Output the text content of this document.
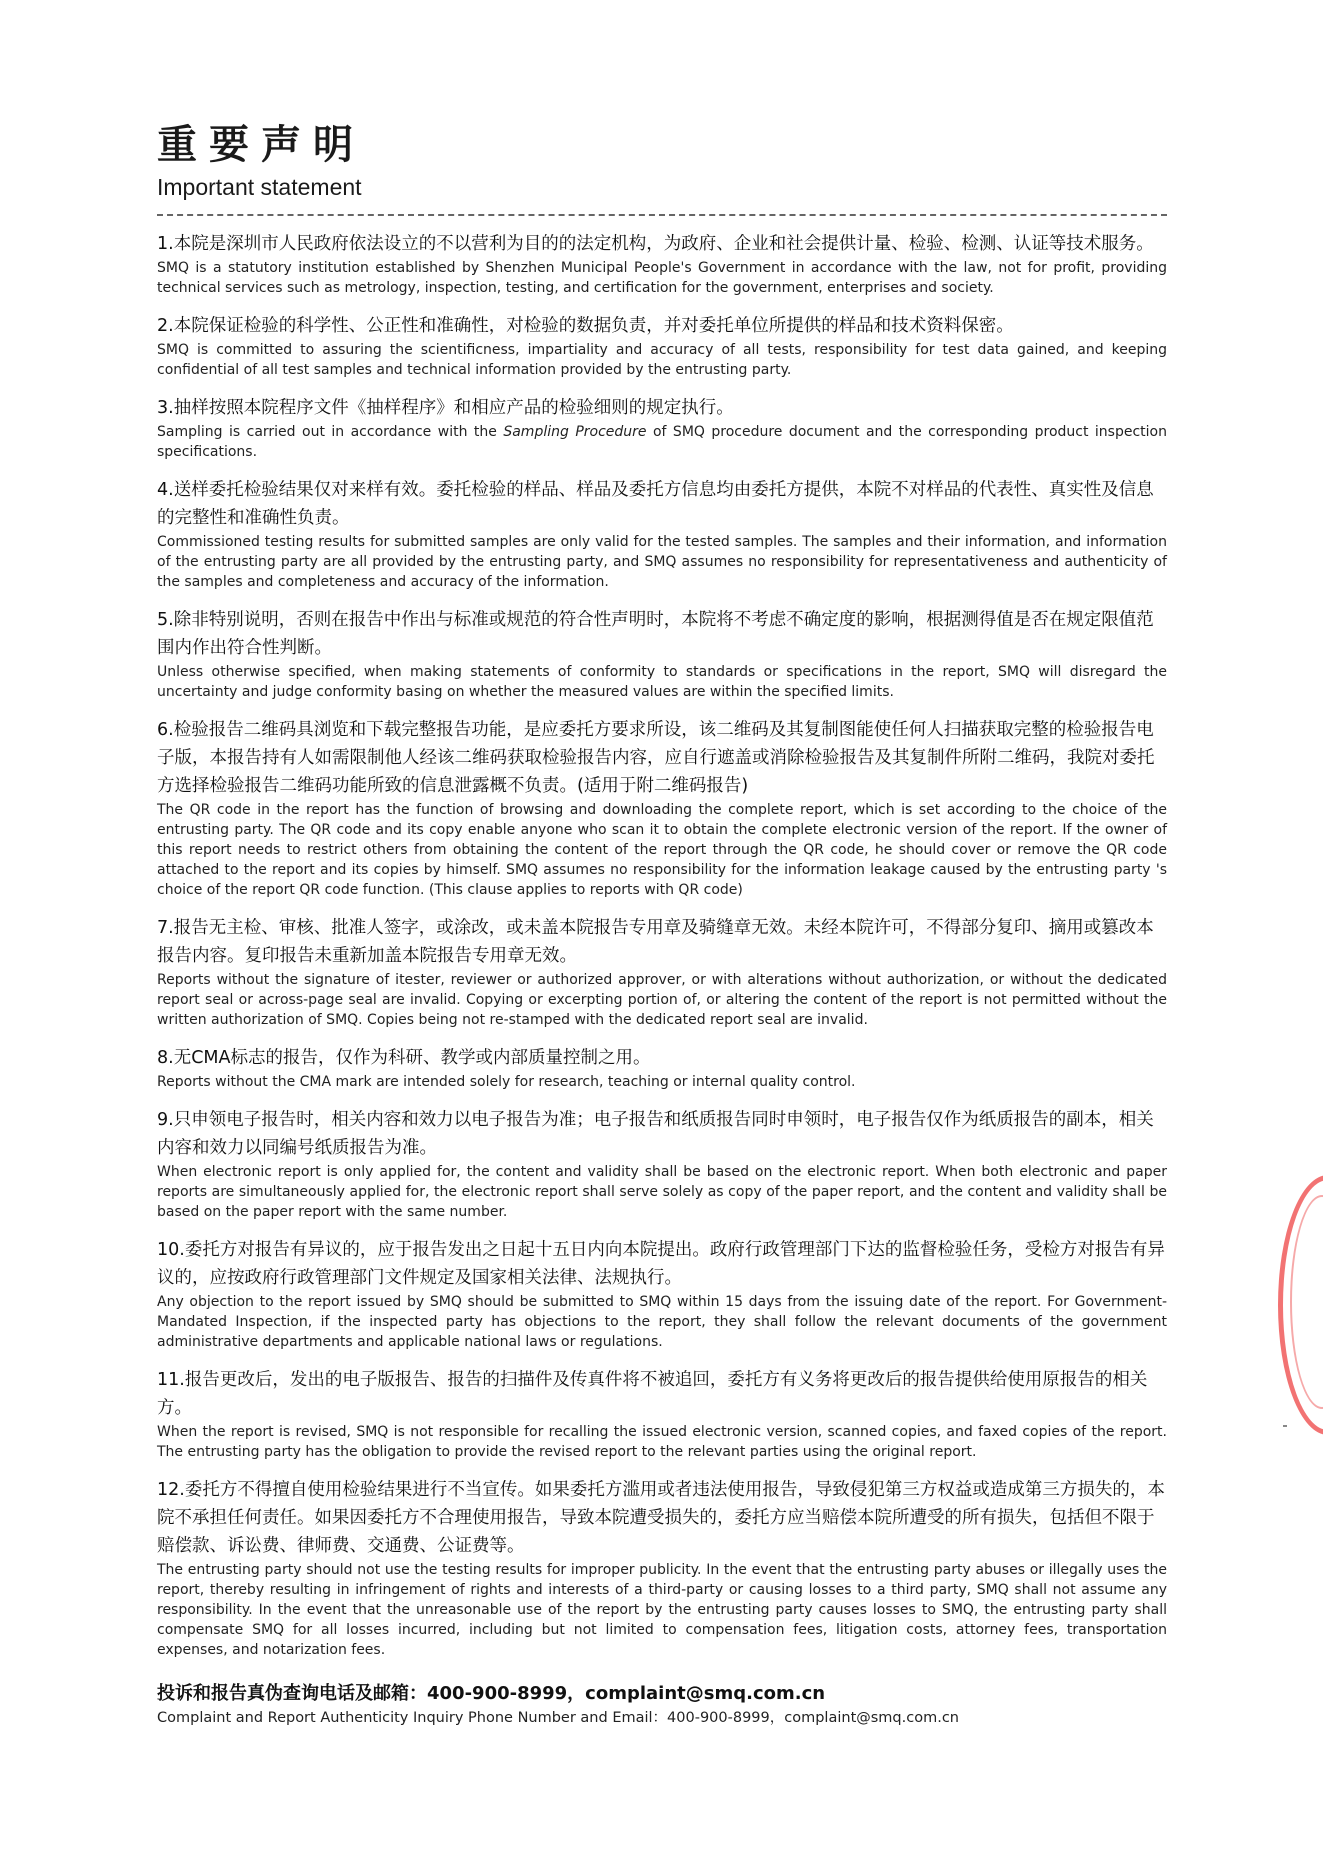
重要声明
Important statement
1.本院是深圳市人民政府依法设立的不以营利为目的的法定机构，为政府、企业和社会提供计量、检验、检测、认证等技术服务。
SMQ is a statutory institution established by Shenzhen Municipal People's Government in accordance with the law, not for profit, providing technical services such as metrology, inspection, testing, and certification for the government, enterprises and society.
2.本院保证检验的科学性、公正性和准确性，对检验的数据负责，并对委托单位所提供的样品和技术资料保密。
SMQ is committed to assuring the scientificness, impartiality and accuracy of all tests, responsibility for test data gained, and keeping confidential of all test samples and technical information provided by the entrusting party.
3.抽样按照本院程序文件《抽样程序》和相应产品的检验细则的规定执行。
Sampling is carried out in accordance with the Sampling Procedure of SMQ procedure document and the corresponding product inspection specifications.
4.送样委托检验结果仅对来样有效。委托检验的样品、样品及委托方信息均由委托方提供，本院不对样品的代表性、真实性及信息的完整性和准确性负责。
Commissioned testing results for submitted samples are only valid for the tested samples. The samples and their information, and information of the entrusting party are all provided by the entrusting party, and SMQ assumes no responsibility for representativeness and authenticity of the samples and completeness and accuracy of the information.
5.除非特别说明，否则在报告中作出与标准或规范的符合性声明时，本院将不考虑不确定度的影响，根据测得值是否在规定限值范围内作出符合性判断。
Unless otherwise specified, when making statements of conformity to standards or specifications in the report, SMQ will disregard the uncertainty and judge conformity basing on whether the measured values are within the specified limits.
6.检验报告二维码具浏览和下载完整报告功能，是应委托方要求所设，该二维码及其复制图能使任何人扫描获取完整的检验报告电子版，本报告持有人如需限制他人经该二维码获取检验报告内容，应自行遮盖或消除检验报告及其复制件所附二维码，我院对委托方选择检验报告二维码功能所致的信息泄露概不负责。(适用于附二维码报告)
The QR code in the report has the function of browsing and downloading the complete report, which is set according to the choice of the entrusting party. The QR code and its copy enable anyone who scan it to obtain the complete electronic version of the report. If the owner of this report needs to restrict others from obtaining the content of the report through the QR code, he should cover or remove the QR code attached to the report and its copies by himself. SMQ assumes no responsibility for the information leakage caused by the entrusting party 's choice of the report QR code function. (This clause applies to reports with QR code)
7.报告无主检、审核、批准人签字，或涂改，或未盖本院报告专用章及骑缝章无效。未经本院许可，不得部分复印、摘用或篡改本报告内容。复印报告未重新加盖本院报告专用章无效。
Reports without the signature of itester, reviewer or authorized approver, or with alterations without authorization, or without the dedicated report seal or across-page seal are invalid. Copying or excerpting portion of, or altering the content of the report is not permitted without the written authorization of SMQ. Copies being not re-stamped with the dedicated report seal are invalid.
8.无CMA标志的报告，仅作为科研、教学或内部质量控制之用。
Reports without the CMA mark are intended solely for research, teaching or internal quality control.
9.只申领电子报告时，相关内容和效力以电子报告为准；电子报告和纸质报告同时申领时，电子报告仅作为纸质报告的副本，相关内容和效力以同编号纸质报告为准。
When electronic report is only applied for, the content and validity shall be based on the electronic report. When both electronic and paper reports are simultaneously applied for, the electronic report shall serve solely as copy of the paper report, and the content and validity shall be based on the paper report with the same number.
10.委托方对报告有异议的，应于报告发出之日起十五日内向本院提出。政府行政管理部门下达的监督检验任务，受检方对报告有异议的，应按政府行政管理部门文件规定及国家相关法律、法规执行。
Any objection to the report issued by SMQ should be submitted to SMQ within 15 days from the issuing date of the report. For Government-Mandated Inspection, if the inspected party has objections to the report, they shall follow the relevant documents of the government administrative departments and applicable national laws or regulations.
11.报告更改后，发出的电子版报告、报告的扫描件及传真件将不被追回，委托方有义务将更改后的报告提供给使用原报告的相关方。
When the report is revised, SMQ is not responsible for recalling the issued electronic version, scanned copies, and faxed copies of the report. The entrusting party has the obligation to provide the revised report to the relevant parties using the original report.
12.委托方不得擅自使用检验结果进行不当宣传。如果委托方滥用或者违法使用报告，导致侵犯第三方权益或造成第三方损失的，本院不承担任何责任。如果因委托方不合理使用报告，导致本院遭受损失的，委托方应当赔偿本院所遭受的所有损失，包括但不限于赔偿款、诉讼费、律师费、交通费、公证费等。
The entrusting party should not use the testing results for improper publicity. In the event that the entrusting party abuses or illegally uses the report, thereby resulting in infringement of rights and interests of a third-party or causing losses to a third party, SMQ shall not assume any responsibility. In the event that the unreasonable use of the report by the entrusting party causes losses to SMQ, the entrusting party shall compensate SMQ for all losses incurred, including but not limited to compensation fees, litigation costs, attorney fees, transportation expenses, and notarization fees.
投诉和报告真伪查询电话及邮箱：400-900-8999，complaint@smq.com.cn
Complaint and Report Authenticity Inquiry Phone Number and Email：400-900-8999，complaint@smq.com.cn
